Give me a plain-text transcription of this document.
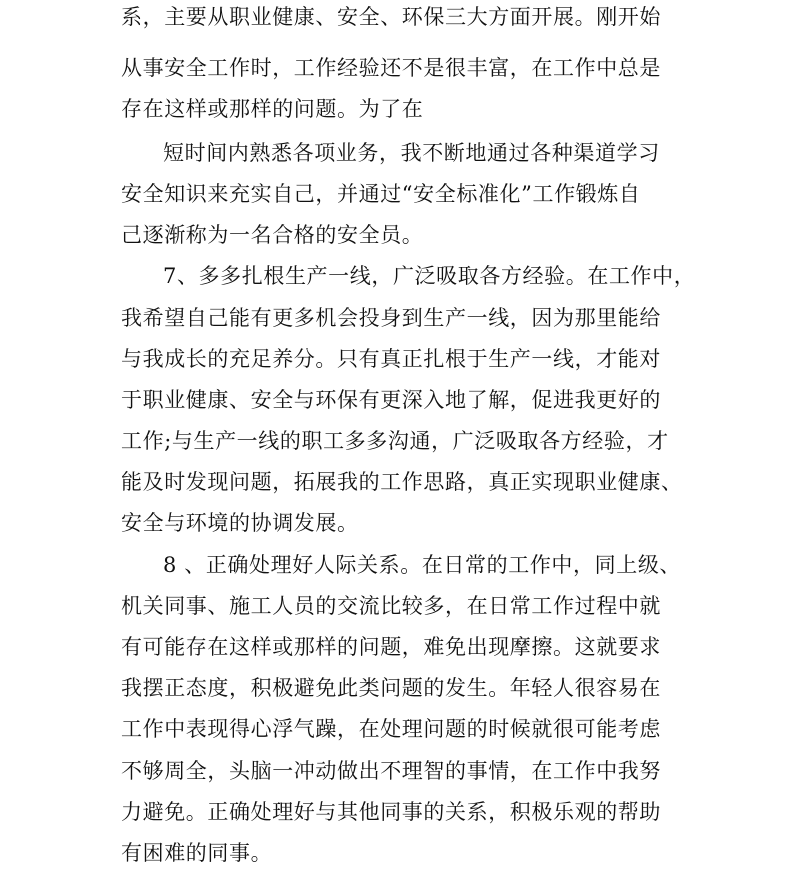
系，主要从职业健康、安全、环保三大方面开展。刚开始
从事安全工作时，工作经验还不是很丰富，在工作中总是
存在这样或那样的问题。为了在
短时间内熟悉各项业务，我不断地通过各种渠道学习
安全知识来充实自己，并通过“安全标准化”工作锻炼自
己逐渐称为一名合格的安全员。
7、多多扎根生产一线，广泛吸取各方经验。在工作中，
我希望自己能有更多机会投身到生产一线，因为那里能给
与我成长的充足养分。只有真正扎根于生产一线，才能对
于职业健康、安全与环保有更深入地了解，促进我更好的
工作;与生产一线的职工多多沟通，广泛吸取各方经验，才
能及时发现问题，拓展我的工作思路，真正实现职业健康、
安全与环境的协调发展。
8 、正确处理好人际关系。在日常的工作中，同上级、
机关同事、施工人员的交流比较多，在日常工作过程中就
有可能存在这样或那样的问题，难免出现摩擦。这就要求
我摆正态度，积极避免此类问题的发生。年轻人很容易在
工作中表现得心浮气躁，在处理问题的时候就很可能考虑
不够周全，头脑一冲动做出不理智的事情，在工作中我努
力避免。正确处理好与其他同事的关系，积极乐观的帮助
有困难的同事。
